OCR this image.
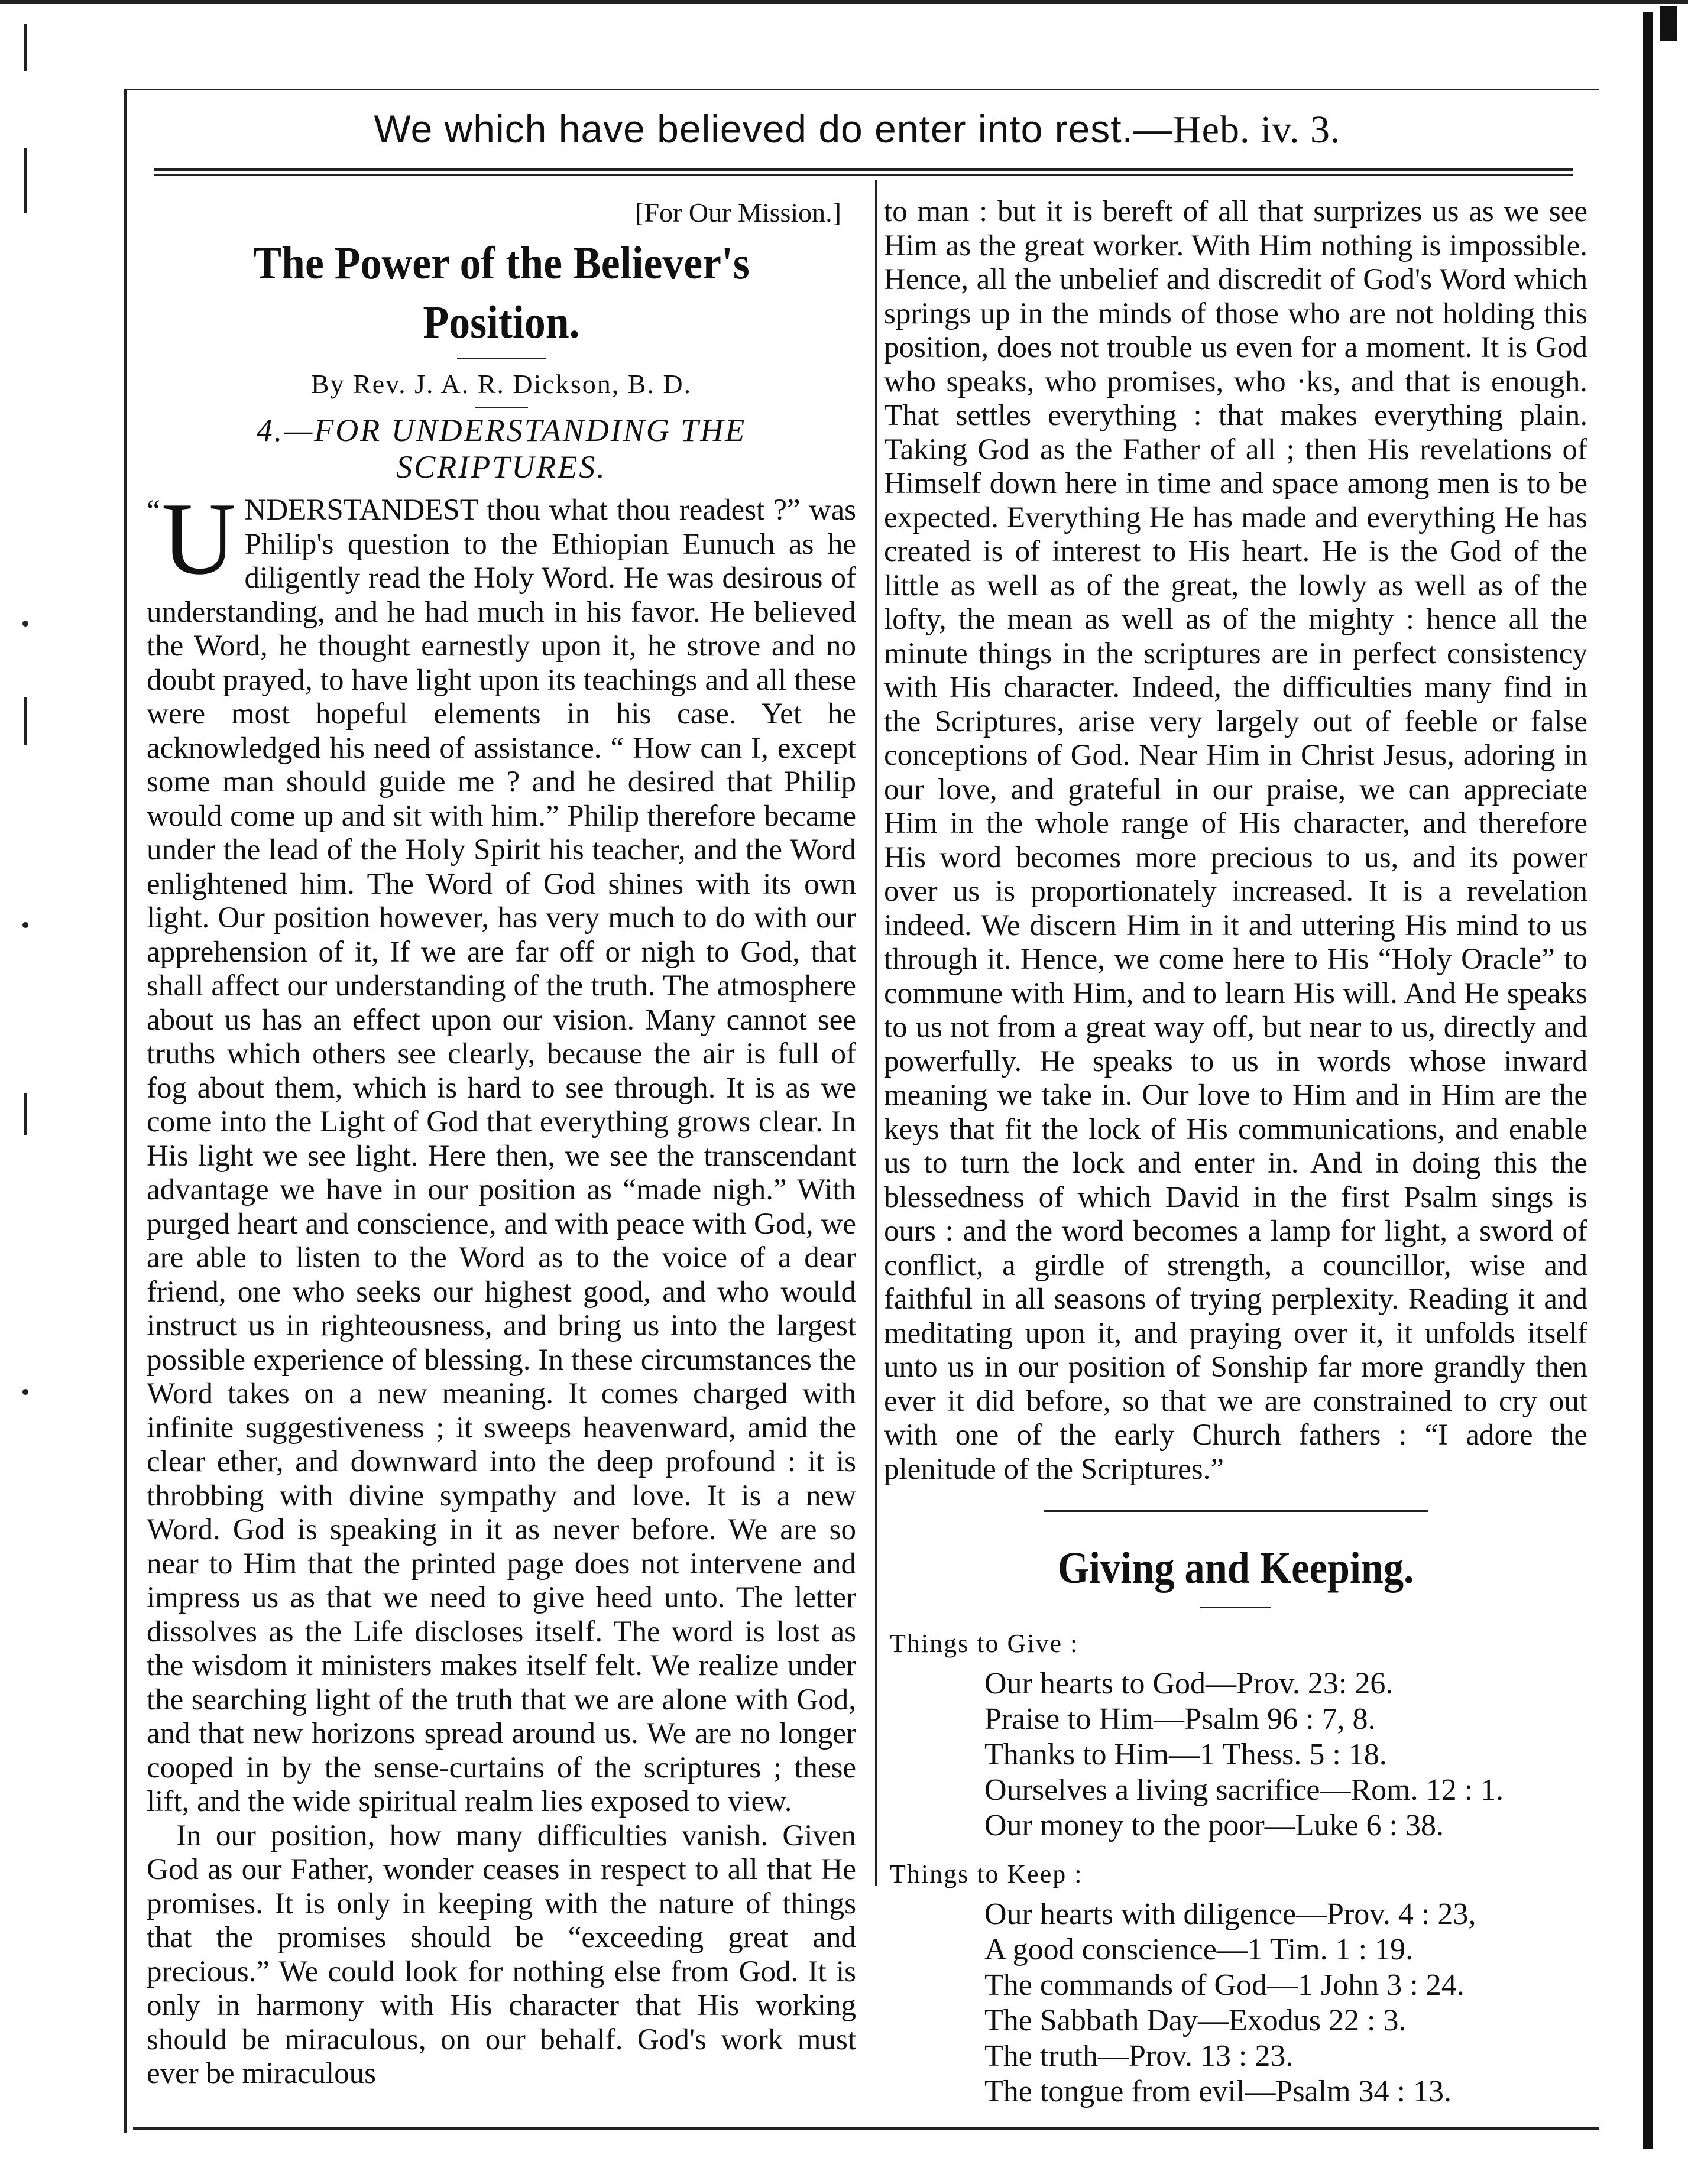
We which have believed do enter into rest.—Heb. iv. 3.
[For Our Mission.]
The Power of the Believer's Position.
By Rev. J. A. R. Dickson, B. D.
4.—FOR UNDERSTANDING THE SCRIPTURES.

“ U NDERSTANDEST thou what thou readest ?” was Philip's question to the Ethiopian Eunuch as he diligently read the Holy Word. He was desirous of understanding, and he had much in his favor. He believed the Word, he thought earnestly upon it, he strove and no doubt prayed, to have light upon its teachings and all these were most hopeful elements in his case. Yet he acknowledged his need of assistance. “ How can I, except some man should guide me ? and he desired that Philip would come up and sit with him.” Philip therefore became under the lead of the Holy Spirit his teacher, and the Word enlightened him. The Word of God shines with its own light. Our position however, has very much to do with our apprehension of it, If we are far off or nigh to God, that shall affect our understanding of the truth. The atmosphere about us has an effect upon our vision. Many cannot see truths which others see clearly, because the air is full of fog about them, which is hard to see through. It is as we come into the Light of God that everything grows clear. In His light we see light. Here then, we see the transcendant advantage we have in our position as “made nigh.” With purged heart and conscience, and with peace with God, we are able to listen to the Word as to the voice of a dear friend, one who seeks our highest good, and who would instruct us in righteousness, and bring us into the largest possible experience of blessing. In these circumstances the Word takes on a new meaning. It comes charged with infinite suggestiveness ; it sweeps heavenward, amid the clear ether, and downward into the deep profound : it is throbbing with divine sympathy and love. It is a new Word. God is speaking in it as never before. We are so near to Him that the printed page does not intervene and impress us as that we need to give heed unto. The letter dissolves as the Life discloses itself. The word is lost as the wisdom it ministers makes itself felt. We realize under the searching light of the truth that we are alone with God, and that new horizons spread around us. We are no longer cooped in by the sense-curtains of the scriptures ; these lift, and the wide spiritual realm lies exposed to view.

In our position, how many difficulties vanish. Given God as our Father, wonder ceases in respect to all that He promises. It is only in keeping with the nature of things that the promises should be “exceeding great and precious.” We could look for nothing else from God. It is only in harmony with His character that His working should be miraculous, on our behalf. God's work must ever be miraculous

to man : but it is bereft of all that surprizes us as we see Him as the great worker. With Him nothing is impossible. Hence, all the unbelief and discredit of God's Word which springs up in the minds of those who are not holding this position, does not trouble us even for a moment. It is God who speaks, who promises, who ·ks, and that is enough. That settles everything : that makes everything plain. Taking God as the Father of all ; then His revelations of Himself down here in time and space among men is to be expected. Everything He has made and everything He has created is of interest to His heart. He is the God of the little as well as of the great, the lowly as well as of the lofty, the mean as well as of the mighty : hence all the minute things in the scriptures are in perfect consistency with His character. Indeed, the difficulties many find in the Scriptures, arise very largely out of feeble or false conceptions of God. Near Him in Christ Jesus, adoring in our love, and grateful in our praise, we can appreciate Him in the whole range of His character, and therefore His word becomes more precious to us, and its power over us is proportionately increased. It is a revelation indeed. We discern Him in it and uttering His mind to us through it. Hence, we come here to His “Holy Oracle” to commune with Him, and to learn His will. And He speaks to us not from a great way off, but near to us, directly and powerfully. He speaks to us in words whose inward meaning we take in. Our love to Him and in Him are the keys that fit the lock of His communications, and enable us to turn the lock and enter in. And in doing this the blessedness of which David in the first Psalm sings is ours : and the word becomes a lamp for light, a sword of conflict, a girdle of strength, a councillor, wise and faithful in all seasons of trying perplexity. Reading it and meditating upon it, and praying over it, it unfolds itself unto us in our position of Sonship far more grandly then ever it did before, so that we are constrained to cry out with one of the early Church fathers : “I adore the plenitude of the Scriptures.”

Giving and Keeping.
Things to Give :
Our hearts to God—Prov. 23: 26.
Praise to Him—Psalm 96 : 7, 8.
Thanks to Him—1 Thess. 5 : 18.
Ourselves a living sacrifice—Rom. 12 : 1.
Our money to the poor—Luke 6 : 38.
Things to Keep :
Our hearts with diligence—Prov. 4 : 23,
A good conscience—1 Tim. 1 : 19.
The commands of God—1 John 3 : 24.
The Sabbath Day—Exodus 22 : 3.
The truth—Prov. 13 : 23.
The tongue from evil—Psalm 34 : 13.
